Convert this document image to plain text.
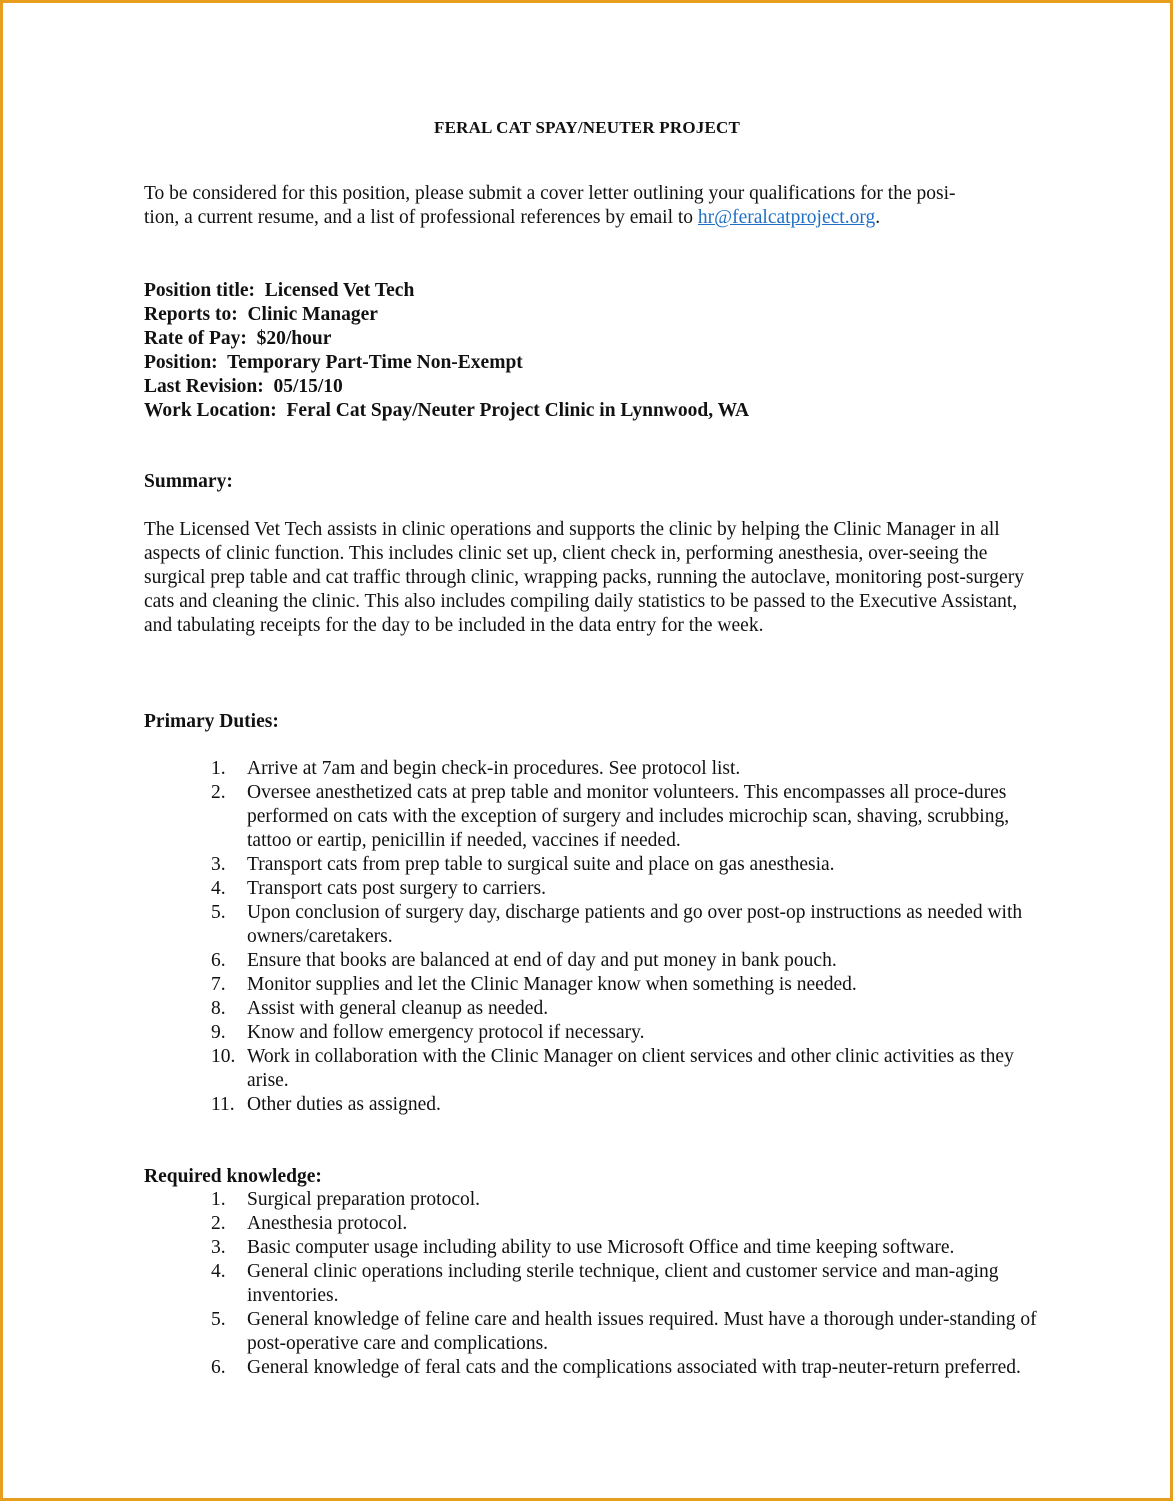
FERAL CAT SPAY/NEUTER PROJECT

To be considered for this position, please submit a cover letter outlining your qualifications for the posi-
tion, a current resume, and a list of professional references by email to hr@feralcatproject.org.

Position title: Licensed Vet Tech
Reports to: Clinic Manager
Rate of Pay: $20/hour
Position: Temporary Part-Time Non-Exempt
Last Revision: 05/15/10
Work Location: Feral Cat Spay/Neuter Project Clinic in Lynnwood, WA

Summary:

The Licensed Vet Tech assists in clinic operations and supports the clinic by helping the Clinic Manager in all aspects of clinic function. This includes clinic set up, client check in, performing anesthesia, over-seeing the surgical prep table and cat traffic through clinic, wrapping packs, running the autoclave, monitoring post-surgery cats and cleaning the clinic. This also includes compiling daily statistics to be passed to the Executive Assistant, and tabulating receipts for the day to be included in the data entry for the week.

Primary Duties:

1.	Arrive at 7am and begin check-in procedures. See protocol list.
2.	Oversee anesthetized cats at prep table and monitor volunteers. This encompasses all proce-dures performed on cats with the exception of surgery and includes microchip scan, shaving, scrubbing, tattoo or eartip, penicillin if needed, vaccines if needed.
3.	Transport cats from prep table to surgical suite and place on gas anesthesia.
4.	Transport cats post surgery to carriers.
5.	Upon conclusion of surgery day, discharge patients and go over post-op instructions as needed with owners/caretakers.
6.	Ensure that books are balanced at end of day and put money in bank pouch.
7.	Monitor supplies and let the Clinic Manager know when something is needed.
8.	Assist with general cleanup as needed.
9.	Know and follow emergency protocol if necessary.
10. Work in collaboration with the Clinic Manager on client services and other clinic activities as they arise.
11. Other duties as assigned.

Required knowledge:

1.	Surgical preparation protocol.
2.	Anesthesia protocol.
3.	Basic computer usage including ability to use Microsoft Office and time keeping software.
4.	General clinic operations including sterile technique, client and customer service and man-aging inventories.
5.	General knowledge of feline care and health issues required. Must have a thorough under-standing of post-operative care and complications.
6.	General knowledge of feral cats and the complications associated with trap-neuter-return preferred.
